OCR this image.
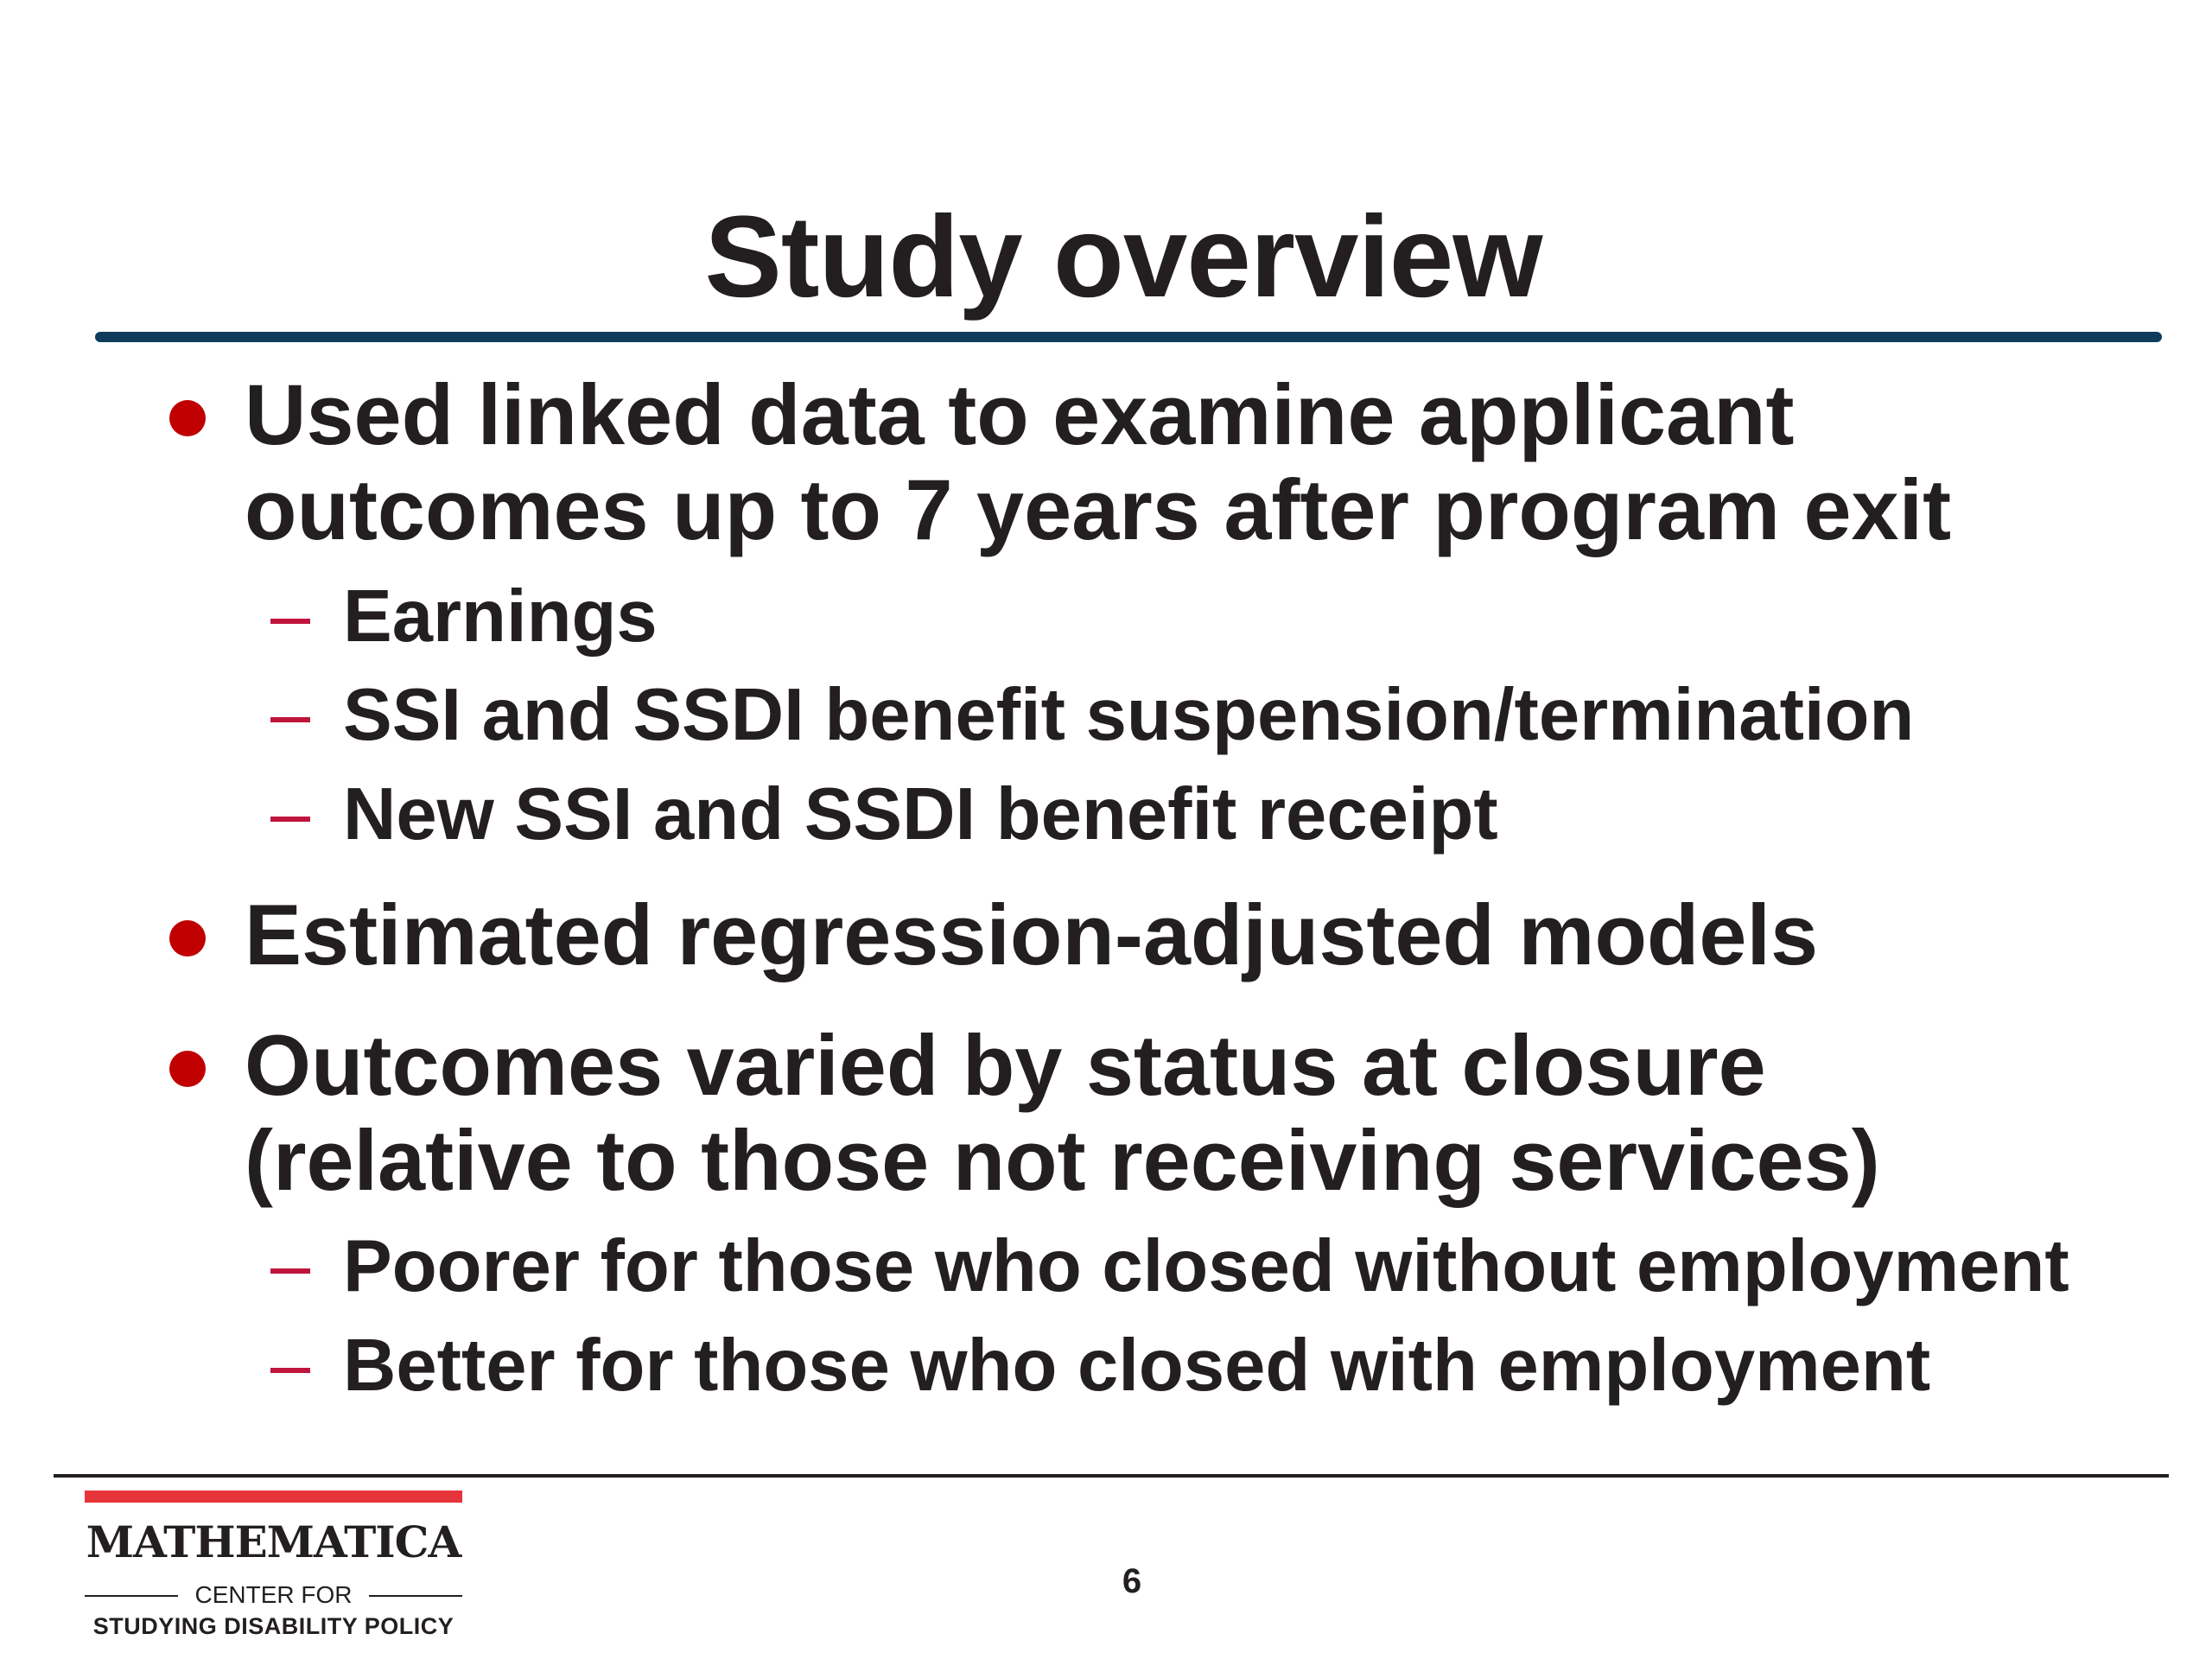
Study overview
Used linked data to examine applicant
outcomes up to 7 years after program exit
Earnings
SSI and SSDI benefit suspension/termination
New SSI and SSDI benefit receipt
Estimated regression-adjusted models
Outcomes varied by status at closure
(relative to those not receiving services)
Poorer for those who closed without employment
Better for those who closed with employment
MATHEMATICA
CENTER FOR
STUDYING DISABILITY POLICY
6
